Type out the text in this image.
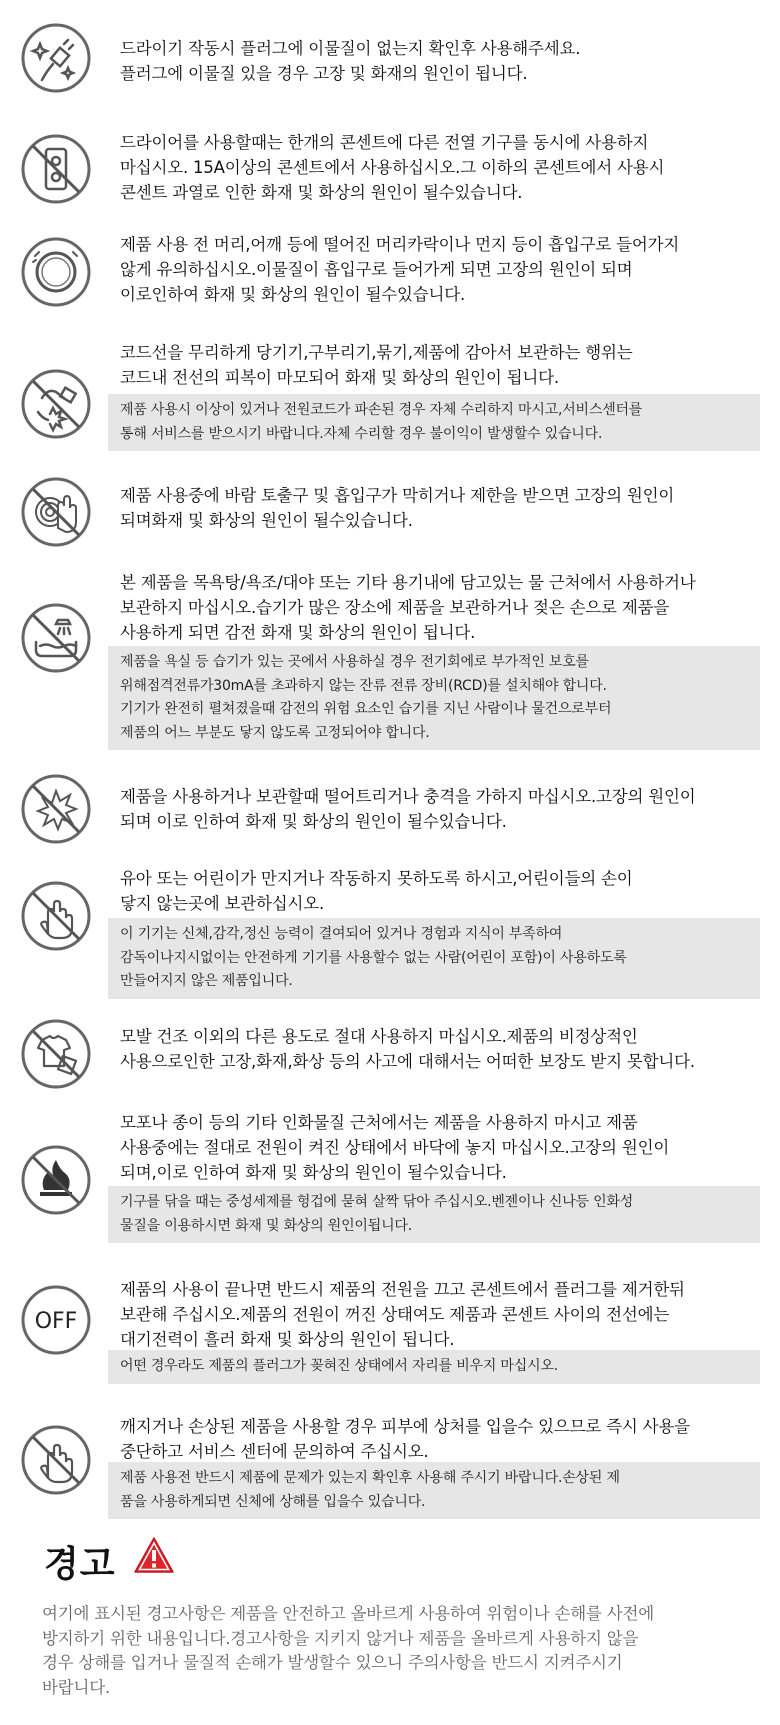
드라이기 작동시 플러그에 이물질이 없는지 확인후 사용해주세요.
플러그에 이물질 있을 경우 고장 및 화재의 원인이 됩니다.
드라이어를 사용할때는 한개의 콘센트에 다른 전열 기구를 동시에 사용하지
마십시오. 15A이상의 콘센트에서 사용하십시오.그 이하의 콘센트에서 사용시
콘센트 과열로 인한 화재 및 화상의 원인이 될수있습니다.
제품 사용 전 머리,어깨 등에 떨어진 머리카락이나 먼지 등이 흡입구로 들어가지
않게 유의하십시오.이물질이 흡입구로 들어가게 되면 고장의 원인이 되며
이로인하여 화재 및 화상의 원인이 될수있습니다.
코드선을 무리하게 당기기,구부리기,묶기,제품에 감아서 보관하는 행위는
코드내 전선의 피복이 마모되어 화재 및 화상의 원인이 됩니다.
제품 사용시 이상이 있거나 전원코드가 파손된 경우 자체 수리하지 마시고,서비스센터를
통해 서비스를 받으시기 바랍니다.자체 수리할 경우 불이익이 발생할수 있습니다.
제품 사용중에 바람 토출구 및 흡입구가 막히거나 제한을 받으면 고장의 원인이
되며화재 및 화상의 원인이 될수있습니다.
본 제품을 목욕탕/욕조/대야 또는 기타 용기내에 담고있는 물 근처에서 사용하거나
보관하지 마십시오.습기가 많은 장소에 제품을 보관하거나 젖은 손으로 제품을
사용하게 되면 감전 화재 및 화상의 원인이 됩니다.
제품을 욕실 등 습기가 있는 곳에서 사용하실 경우 전기회에로 부가적인 보호를
위해점격전류가30mA를 초과하지 않는 잔류 전류 장비(RCD)를 설치해야 합니다.
기기가 완전히 펼쳐졌을때 감전의 위험 요소인 습기를 지닌 사람이나 물건으로부터
제품의 어느 부분도 닿지 않도록 고정되어야 합니다.
제품을 사용하거나 보관할때 떨어트리거나 충격을 가하지 마십시오.고장의 원인이
되며 이로 인하여 화재 및 화상의 원인이 될수있습니다.
유아 또는 어린이가 만지거나 작동하지 못하도록 하시고,어린이들의 손이
닿지 않는곳에 보관하십시오.
이 기기는 신체,감각,정신 능력이 결여되어 있거나 경험과 지식이 부족하여
감독이나지시없이는 안전하게 기기를 사용할수 없는 사람(어린이 포함)이 사용하도록
만들어지지 않은 제품입니다.
모발 건조 이외의 다른 용도로 절대 사용하지 마십시오.제품의 비정상적인
사용으로인한 고장,화재,화상 등의 사고에 대해서는 어떠한 보장도 받지 못합니다.
모포나 종이 등의 기타 인화물질 근처에서는 제품을 사용하지 마시고 제품
사용중에는 절대로 전원이 켜진 상태에서 바닥에 놓지 마십시오.고장의 원인이
되며,이로 인하여 화재 및 화상의 원인이 될수있습니다.
기구를 닦을 때는 중성세제를 헝겁에 묻혀 살짝 닦아 주십시오.벤젠이나 신나등 인화성
물질을 이용하시면 화재 및 화상의 원인이됩니다.
OFF
제품의 사용이 끝나면 반드시 제품의 전원을 끄고 콘센트에서 플러그를 제거한뒤
보관해 주십시오.제품의 전원이 꺼진 상태여도 제품과 콘센트 사이의 전선에는
대기전력이 흘러 화재 및 화상의 원인이 됩니다.
어떤 경우라도 제품의 플러그가 꽂혀진 상태에서 자리를 비우지 마십시오.
깨지거나 손상된 제품을 사용할 경우 피부에 상처를 입을수 있으므로 즉시 사용을
중단하고 서비스 센터에 문의하여 주십시오.
제품 사용전 반드시 제품에 문제가 있는지 확인후 사용해 주시기 바랍니다.손상된 제
품을 사용하게되면 신체에 상해를 입을수 있습니다.
경고
여기에 표시된 경고사항은 제품을 안전하고 올바르게 사용하여 위험이나 손해를 사전에
방지하기 위한 내용입니다.경고사항을 지키지 않거나 제품을 올바르게 사용하지 않을
경우 상해를 입거나 물질적 손해가 발생할수 있으니 주의사항을 반드시 지켜주시기
바랍니다.
